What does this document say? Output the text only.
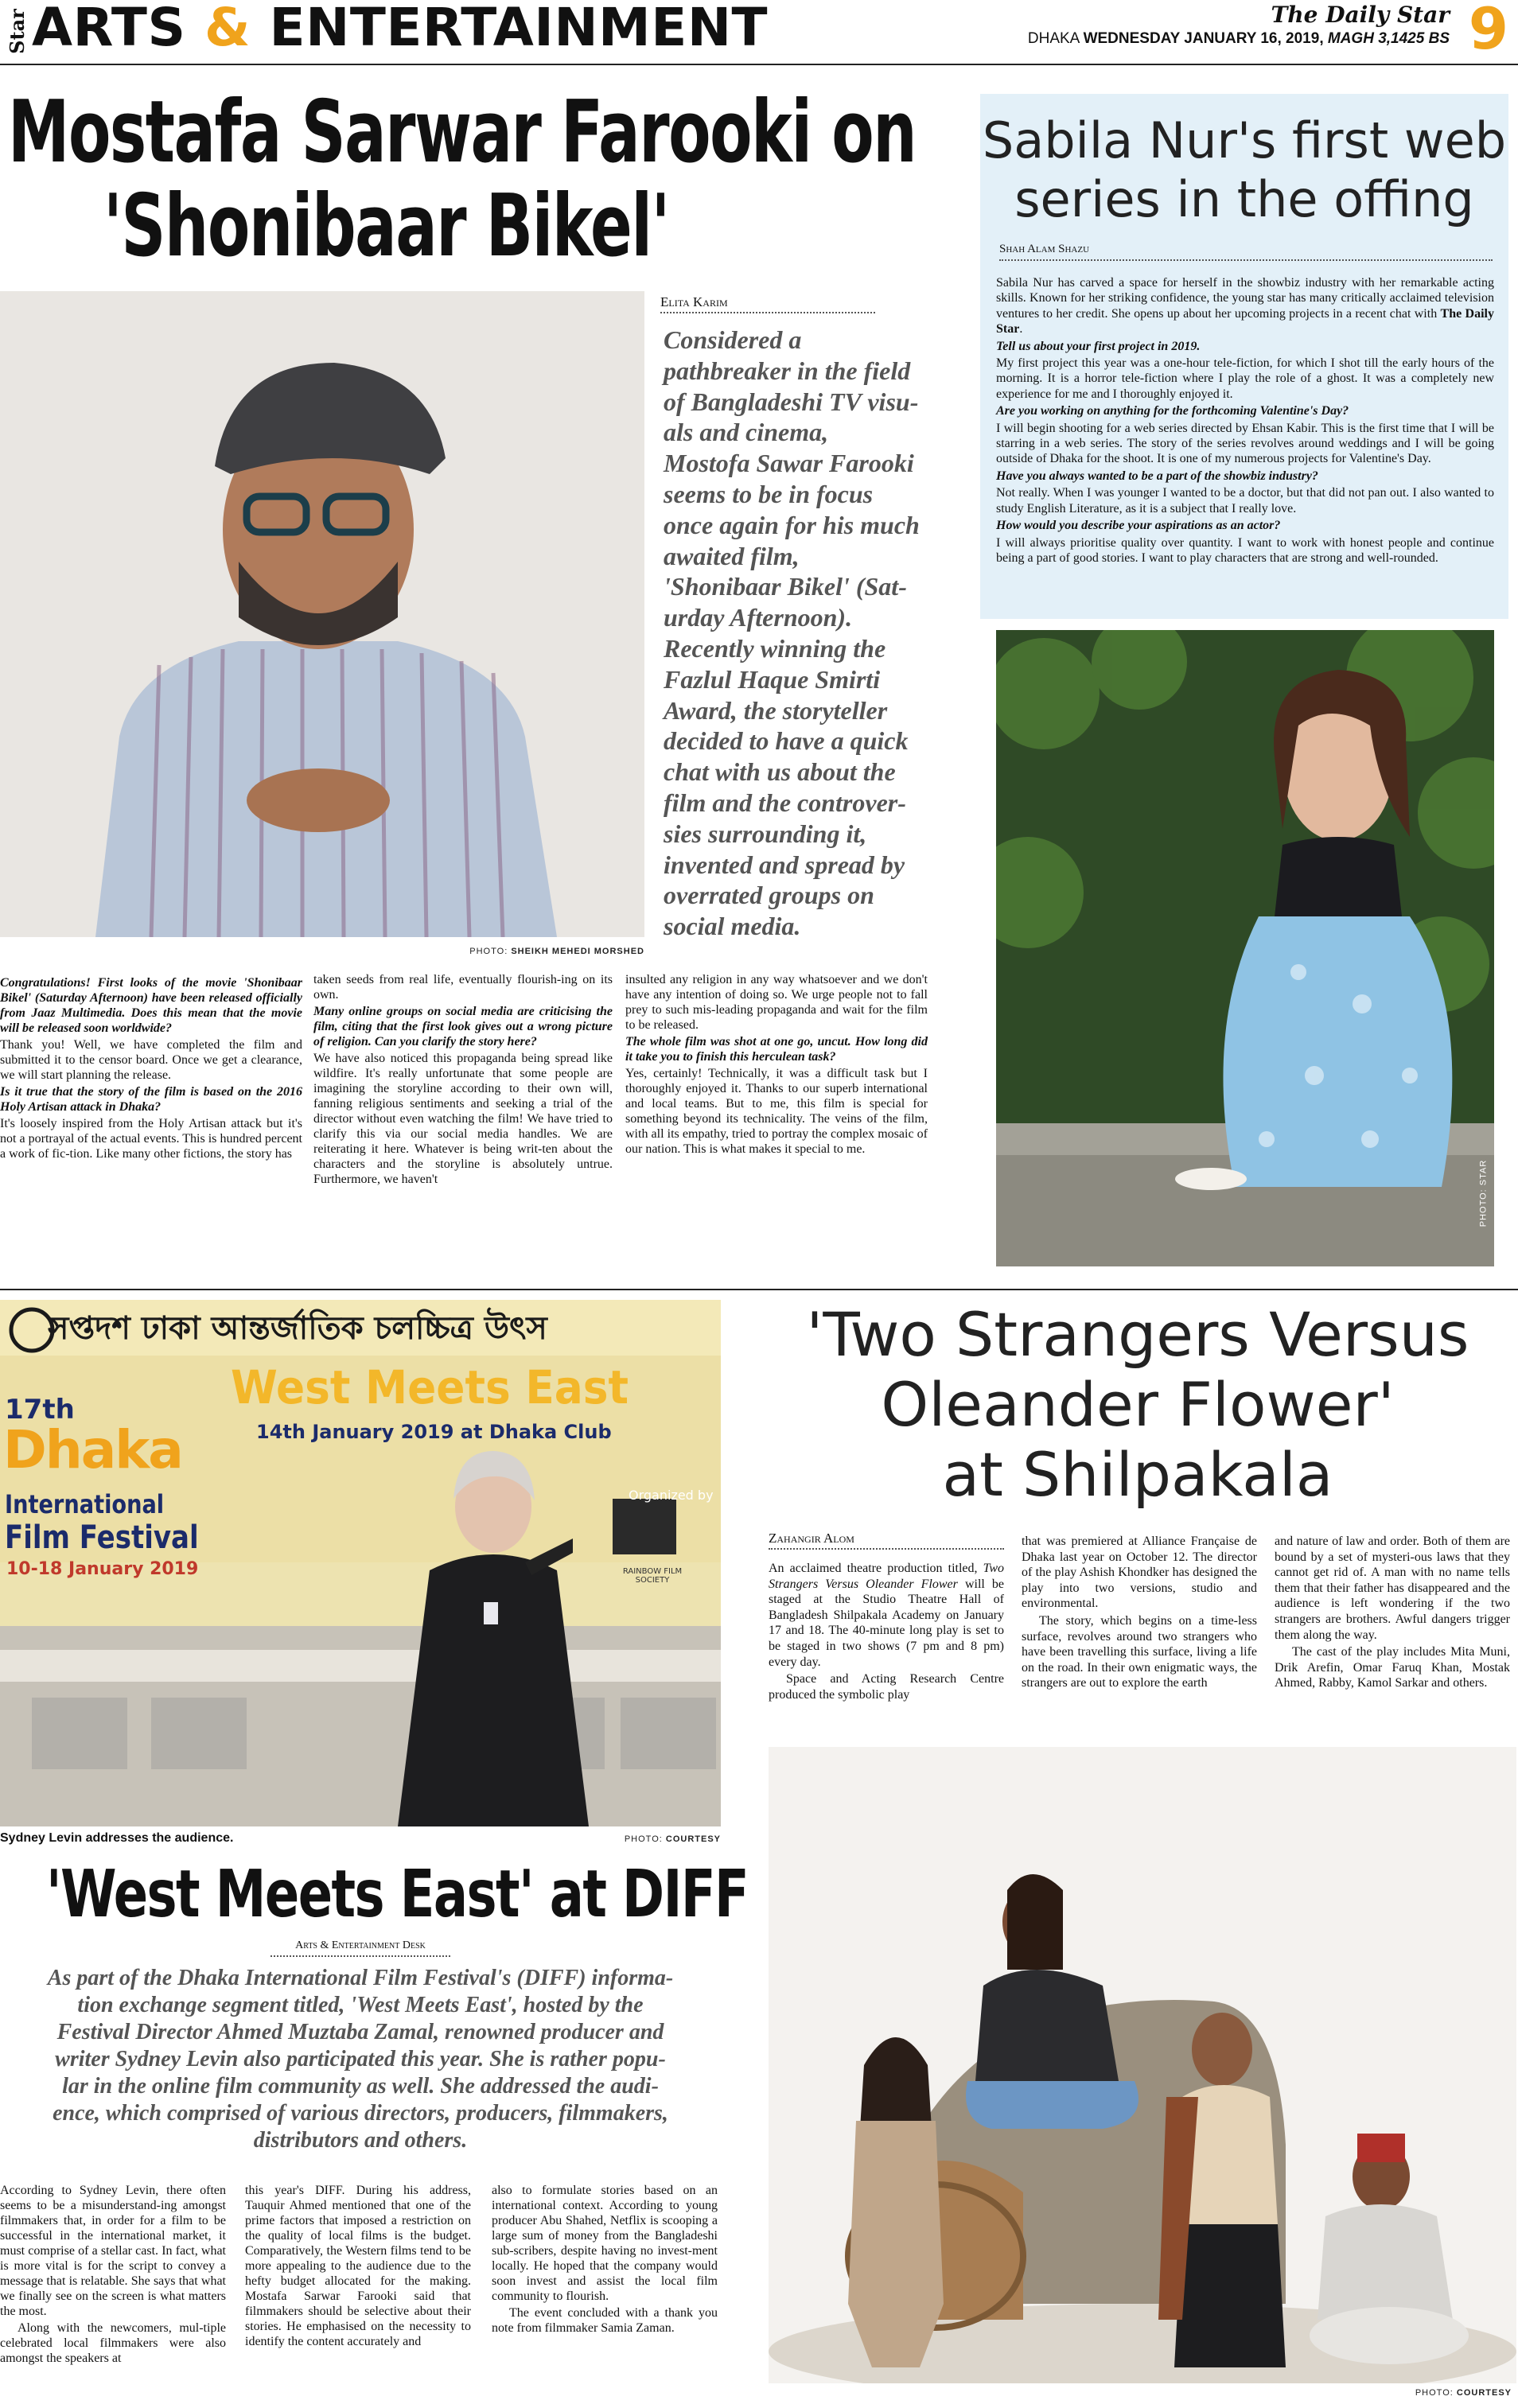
Star ARTS & ENTERTAINMENT	The Daily Star
DHAKA WEDNESDAY JANUARY 16, 2019, MAGH 3,1425 BS 9
Mostafa Sarwar Farooki on
'Shonibaar Bikel'
Elita Karim
Considered a
pathbreaker in the field
of Bangladeshi TV visu-
als and cinema,
Mostofa Sawar Farooki
seems to be in focus
once again for his much
awaited film,
'Shonibaar Bikel' (Sat-
urday Afternoon).
Recently winning the
Fazlul Haque Smirti
Award, the storyteller
decided to have a quick
chat with us about the
film and the controver-
sies surrounding it,
invented and spread by
overrated groups on
social media.
PHOTO: SHEIKH MEHEDI MORSHED

Congratulations! First looks of the movie 'Shonibaar Bikel' (Saturday Afternoon) have been released officially from Jaaz Multimedia. Does this mean that the movie will be released soon worldwide?

Thank you! Well, we have completed the film and submitted it to the censor board. Once we get a clearance, we will start planning the release.

Is it true that the story of the film is based on the 2016 Holy Artisan attack in Dhaka?

It's loosely inspired from the Holy Artisan attack but it's not a portrayal of the actual events. This is hundred percent a work of fic-tion. Like many other fictions, the story has

taken seeds from real life, eventually flourish-ing on its own.

Many online groups on social media are criticising the film, citing that the first look gives out a wrong picture of religion. Can you clarify the story here?

We have also noticed this propaganda being spread like wildfire. It's really unfortunate that some people are imagining the storyline according to their own will, fanning religious sentiments and seeking a trial of the director without even watching the film! We have tried to clarify this via our social media handles. We are reiterating it here. Whatever is being writ-ten about the characters and the storyline is absolutely untrue. Furthermore, we haven't

insulted any religion in any way whatsoever and we don't have any intention of doing so. We urge people not to fall prey to such mis-leading propaganda and wait for the film to be released.

The whole film was shot at one go, uncut. How long did it take you to finish this herculean task?

Yes, certainly! Technically, it was a difficult task but I thoroughly enjoyed it. Thanks to our superb international and local teams. But to me, this film is special for something beyond its technicality. The veins of the film, with all its empathy, tried to portray the complex mosaic of our nation. This is what makes it special to me.

Sabila Nur's first web
series in the offing
Shah Alam Shazu

Sabila Nur has carved a space for herself in the showbiz industry with her remarkable acting skills. Known for her striking confidence, the young star has many critically acclaimed television ventures to her credit. She opens up about her upcoming projects in a recent chat with The Daily Star.

Tell us about your first project in 2019.

My first project this year was a one-hour tele-fiction, for which I shot till the early hours of the morning. It is a horror tele-fiction where I play the role of a ghost. It was a completely new experience for me and I thoroughly enjoyed it.

Are you working on anything for the forthcoming Valentine's Day?

I will begin shooting for a web series directed by Ehsan Kabir. This is the first time that I will be starring in a web series. The story of the series revolves around weddings and I will be going outside of Dhaka for the shoot. It is one of my numerous projects for Valentine's Day.

Have you always wanted to be a part of the showbiz industry?

Not really. When I was younger I wanted to be a doctor, but that did not pan out. I also wanted to study English Literature, as it is a subject that I really love.

How would you describe your aspirations as an actor?

I will always prioritise quality over quantity. I want to work with honest people and continue being a part of good stories. I want to play characters that are strong and well-rounded.

PHOTO: STAR
সপ্তদশ ঢাকা আন্তর্জাতিক চলচ্চিত্র উৎস
West Meets East
14th January 2019 at Dhaka Club
17th
Dhaka
International
Film Festival
10-18 January 2019
Organized by
RAINBOW FILM SOCIETY
Sydney Levin addresses the audience.	PHOTO: COURTESY
'West Meets East' at DIFF
Arts & Entertainment Desk
As part of the Dhaka International Film Festival's (DIFF) informa-
tion exchange segment titled, 'West Meets East', hosted by the
Festival Director Ahmed Muztaba Zamal, renowned producer and
writer Sydney Levin also participated this year. She is rather popu-
lar in the online film community as well. She addressed the audi-
ence, which comprised of various directors, producers, filmmakers,
distributors and others.

According to Sydney Levin, there often seems to be a misunderstand-ing amongst filmmakers that, in order for a film to be successful in the international market, it must comprise of a stellar cast. In fact, what is more vital is for the script to convey a message that is relatable. She says that what we finally see on the screen is what matters the most.

Along with the newcomers, mul-tiple celebrated local filmmakers were also amongst the speakers at

this year's DIFF. During his address, Tauquir Ahmed mentioned that one of the prime factors that imposed a restriction on the quality of local films is the budget. Comparatively, the Western films tend to be more appealing to the audience due to the hefty budget allocated for the making. Mostafa Sarwar Farooki said that filmmakers should be selective about their stories. He emphasised on the necessity to identify the content accurately and

also to formulate stories based on an international context. According to young producer Abu Shahed, Netflix is scooping a large sum of money from the Bangladeshi sub-scribers, despite having no invest-ment locally. He hoped that the company would soon invest and assist the local film community to flourish.

The event concluded with a thank you note from filmmaker Samia Zaman.

'Two Strangers Versus
Oleander Flower'
at Shilpakala
Zahangir Alom

An acclaimed theatre production titled, Two Strangers Versus Oleander Flower will be staged at the Studio Theatre Hall of Bangladesh Shilpakala Academy on January 17 and 18. The 40-minute long play is set to be staged in two shows (7 pm and 8 pm) every day.

Space and Acting Research Centre produced the symbolic play

that was premiered at Alliance Française de Dhaka last year on October 12. The director of the play Ashish Khondker has designed the play into two versions, studio and environmental.

The story, which begins on a time-less surface, revolves around two strangers who have been travelling this surface, living a life on the road. In their own enigmatic ways, the strangers are out to explore the earth

and nature of law and order. Both of them are bound by a set of mysteri-ous laws that they cannot get rid of. A man with no name tells them that their father has disappeared and the audience is left wondering if the two strangers are brothers. Awful dangers trigger them along the way.

The cast of the play includes Mita Muni, Drik Arefin, Omar Faruq Khan, Mostak Ahmed, Rabby, Kamol Sarkar and others.

PHOTO: COURTESY
